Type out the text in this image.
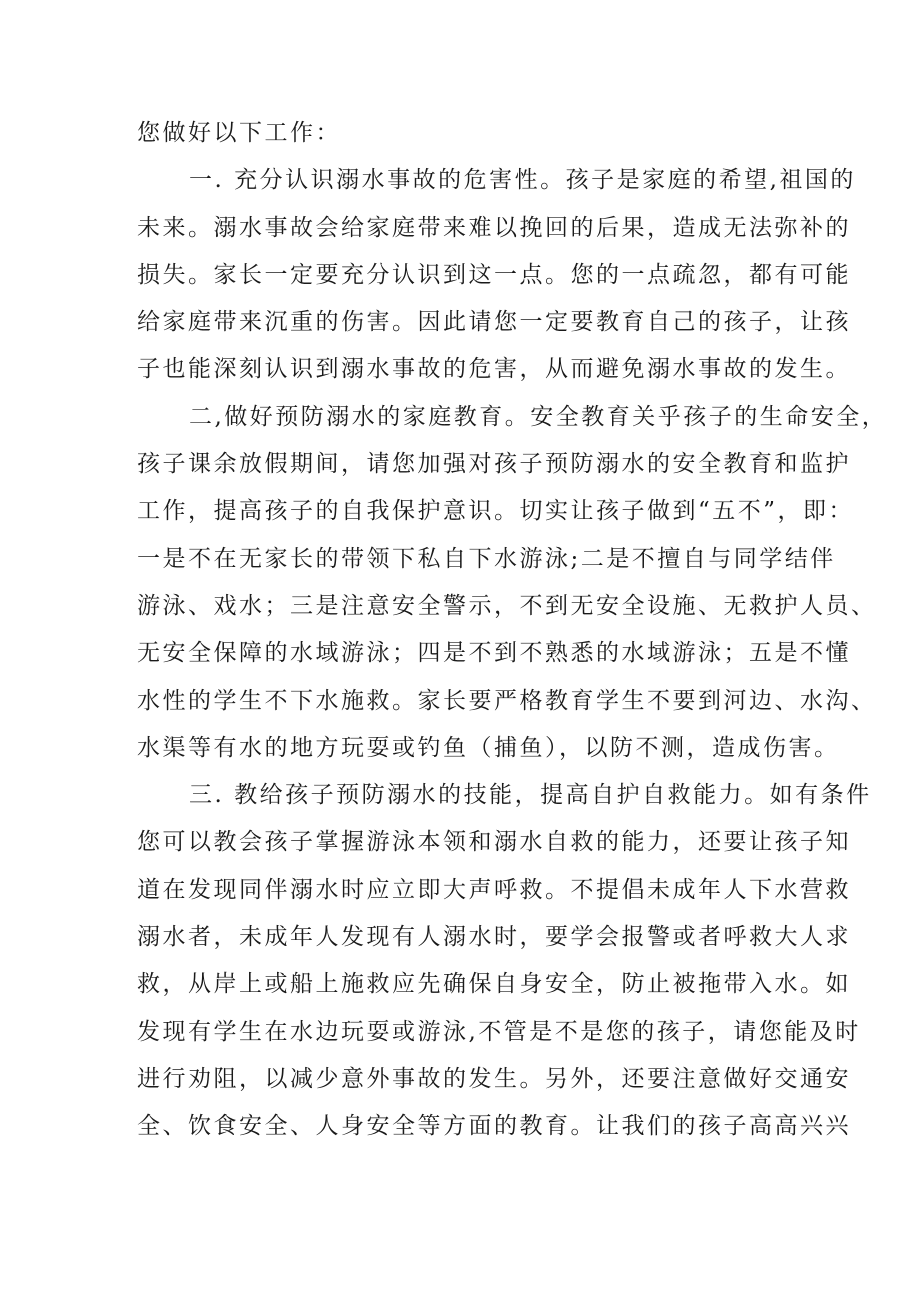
您做好以下工作：
一. 充分认识溺水事故的危害性。孩子是家庭的希望,祖国的
未来。溺水事故会给家庭带来难以挽回的后果，造成无法弥补的
损失。家长一定要充分认识到这一点。您的一点疏忽，都有可能
给家庭带来沉重的伤害。因此请您一定要教育自己的孩子，让孩
子也能深刻认识到溺水事故的危害，从而避免溺水事故的发生。
二,做好预防溺水的家庭教育。安全教育关乎孩子的生命安全，
孩子课余放假期间，请您加强对孩子预防溺水的安全教育和监护
工作，提高孩子的自我保护意识。切实让孩子做到“五不”，即：
一是不在无家长的带领下私自下水游泳;二是不擅自与同学结伴
游泳、戏水；三是注意安全警示，不到无安全设施、无救护人员、
无安全保障的水域游泳；四是不到不熟悉的水域游泳；五是不懂
水性的学生不下水施救。家长要严格教育学生不要到河边、水沟、
水渠等有水的地方玩耍或钓鱼（捕鱼），以防不测，造成伤害。
三. 教给孩子预防溺水的技能，提高自护自救能力。如有条件
您可以教会孩子掌握游泳本领和溺水自救的能力，还要让孩子知
道在发现同伴溺水时应立即大声呼救。不提倡未成年人下水营救
溺水者，未成年人发现有人溺水时，要学会报警或者呼救大人求
救，从岸上或船上施救应先确保自身安全，防止被拖带入水。如
发现有学生在水边玩耍或游泳,不管是不是您的孩子，请您能及时
进行劝阻，以减少意外事故的发生。另外，还要注意做好交通安
全、饮食安全、人身安全等方面的教育。让我们的孩子高高兴兴
